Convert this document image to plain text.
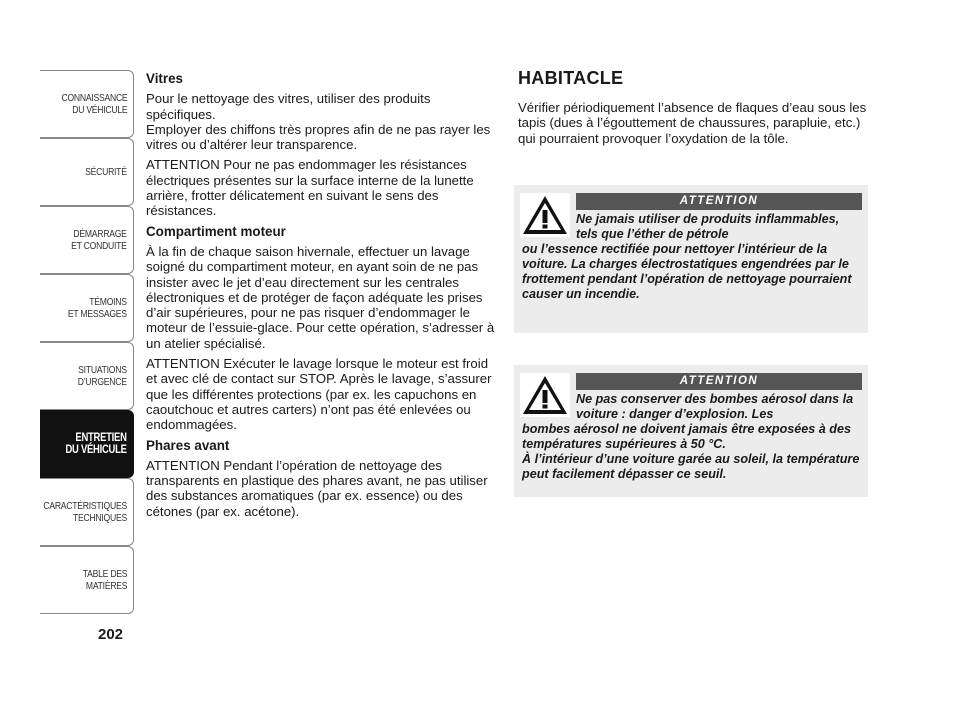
CONNAISSANCE
DU VÉHICULE
SÉCURITÉ
DÉMARRAGE
ET CONDUITE
TÉMOINS
ET MESSAGES
SITUATIONS
D’URGENCE
ENTRETIEN
DU VÉHICULE
CARACTÉRISTIQUES
TECHNIQUES
TABLE DES
MATIÈRES
202
Vitres

Pour le nettoyage des vitres, utiliser des produits spécifiques.

Employer des chiffons très propres afin de ne pas rayer les vitres ou d’altérer leur transparence.

ATTENTION Pour ne pas endommager les résistances électriques présentes sur la surface interne de la lunette arrière, frotter délicatement en suivant le sens des résistances.

Compartiment moteur

À la fin de chaque saison hivernale, effectuer un lavage soigné du compartiment moteur, en ayant soin de ne pas insister avec le jet d’eau directement sur les centrales électroniques et de protéger de façon adéquate les prises d’air supérieures, pour ne pas risquer d’endommager le moteur de l’essuie-glace. Pour cette opération, s’adresser à un atelier spécialisé.

ATTENTION Exécuter le lavage lorsque le moteur est froid et avec clé de contact sur STOP. Après le lavage, s’assurer que les différentes protections (par ex. les capuchons en caoutchouc et autres carters) n’ont pas été enlevées ou endommagées.

Phares avant

ATTENTION Pendant l’opération de nettoyage des transparents en plastique des phares avant, ne pas utiliser des substances aromatiques (par ex. essence) ou des cétones (par ex. acétone).

HABITACLE

Vérifier périodiquement l’absence de flaques d’eau sous les tapis (dues à l’égouttement de chaussures, parapluie, etc.) qui pourraient provoquer l’oxydation de la tôle.

ATTENTION

Ne jamais utiliser de produits inflammables, tels que l’éther de pétrole
ou l’essence rectifiée pour nettoyer l’intérieur de la voiture. La charges électrostatiques engendrées par le frottement pendant l’opération de nettoyage pourraient causer un incendie.

ATTENTION

Ne pas conserver des bombes aérosol dans la voiture : danger d’explosion. Les
bombes aérosol ne doivent jamais être exposées à des températures supérieures à 50 °C.
À l’intérieur d’une voiture garée au soleil, la température peut facilement dépasser ce seuil.
